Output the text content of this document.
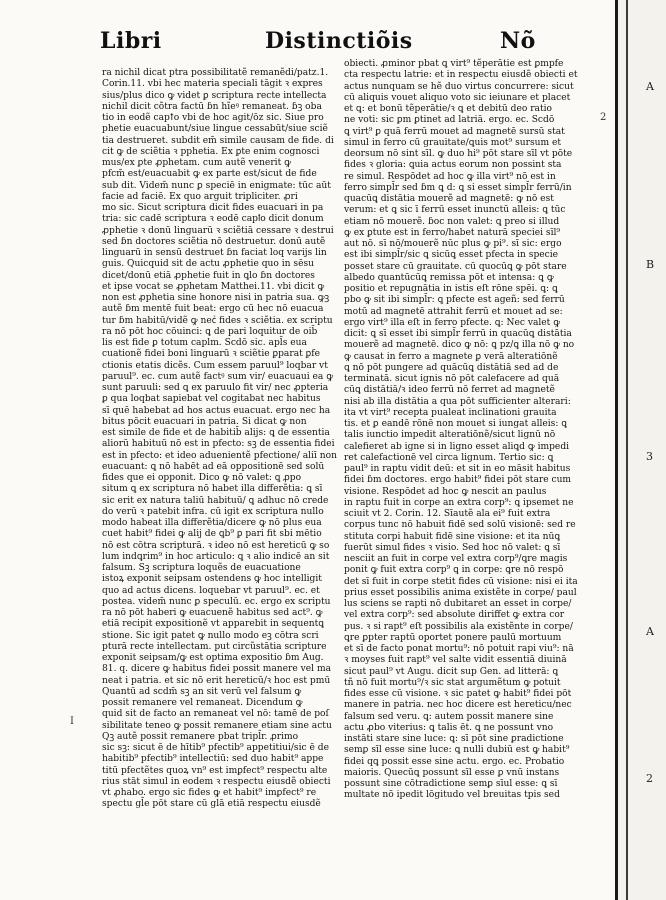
Libri	Distinctiõis	Nõ
ra nichil dicat ptra possibilitatẽ remanẽdi/patz.1.
Corin.11. vbi hec materia speciali tāgit ꝛ expres
sius/plus dico ꝙ videt ꝑ scriptura recte intellecta
nichil dicit cõtra factū ɓn hĩeꝰ remaneat. ɓꝫ oba
tio in eodẽ capꝉo vbi de hoc agit/ōz sic. Siue pro
phetie euacuabunt/siue lingue cessabūt/siue sciẽ
tia destrueret. subdit em̄ simile causam de fide. di
cit ꝙ de sciẽtia ꝛ pphetia. Ex ꝑte enim cognosci
mus/ex ꝑte ꝓphetam. cum autẽ venerit ꝙ
pfcm̄ est/euacuabit ꝙ ex parte est/sicut de fide
sub dit. Videm̄ nunc ꝑ speciē in enigmate: tūc aūt
facie ad faciē. Ex quo arguit tripliciter. ꝓri
mo sic. Sicut scriptura dicit fides euacuari in pa
tria: sic cadē scriptura ꝛ eodē capꝉo dicit donum
ꝓphetie ꝛ donū linguarū ꝛ sciẽtiā cessare ꝛ destrui
sed ɓn doctores sciẽtia nō destruetur. donū autẽ
linguarū in sensū destruet ɓn faciat loq varijs lin
guis. Quicquid sit de actu ꝓphetie quo in sēsu
dicet/donū etiā ꝓphetie fuit in ꝗlo ɓn doctores
et ipse vocat se ꝓphetam Matthei.11. vbi dicit ꝙ
non est ꝓphetia sine honore nisi in patria sua. ꝙꝫ
autẽ ɓm mentē fuit beat: ergo cū hec nō euacua
tur ɓm habitū/vidẽ ꝙ necᷤ fides ꝛ sciẽtia. ex scriptu
ra nō pōt hoc cōuinci: ꝗ de pari loquitur de oib̄
lis est fide ꝑ totum caplm. Scdō sic. apl̄s eua
cuationẽ fidei boni linguarū ꝛ sciẽtie ꝑparat ꝑfe
ctionis etatis dicẽs. Cum essem paruul⁹ loqbar vt
paruul⁹. ec. cum autẽ factꝰ sum vir/ euacuaui ea ꝙ
sunt paruuli: sed ꝗ ex paruulo fit vir/ nec ꝓpteria
ꝑ qua loqbat sapiebat vel cogitabat nec habitus
sī quē habebat ad hos actus euacuat. ergo nec ha
bitus pōcit euacuari in patria. Si dicat ꝙ non
est simile de fide et de habitib̄ alijs: ꝗ de essentia
aliorū habituū nō est in pfecto: sꝫ de essentia fidei
est in pfecto: et ideo aduenientẽ pfectione/ aliī non
euacuant: ꝗ nō habēt ad eā oppositionē sed solū
fides que ei opponit. Dico ꝙ nō valet: ꝗ ꝓpo
situm ꝗ ex scriptura nō habet illa differẽtia: ꝗ sī
sic erit ex natura taliū habituū/ ꝗ adhuc nō crede
do verū ꝛ patebit infra. cū igit ex scriptura nullo
modo habeat illa differẽtia/dicere ꝙ nō plus eua
cuet habit⁹ fidei ꝙ alij de ꝗb⁹ ꝑ pari fit sbi mētio
nō est cōtra scripturā. ꝛ ideo nō est hereticū ꝙ so
lum indꝗrim⁹ in hoc articulo: ꝗ ꝛ alio indicē an sit
falsum. Sꝫ scriptura loquẽs de euacuatione
istoꝝ exponit seipsam ostendens ꝙ hoc intelligit
quo ad actus dicens. loquebar vt paruul⁹. ec. et
postea. videm̄ nunc ꝑ speculū. ec. ergo ex scriptu
ra nō pōt haberi ꝙ euacuenẽ habitus sed act⁹. ꝙ
etiā recipit expositionẽ vt apparebit in sequentꝗ
stione. Sic igit patet ꝙ nullo modo eꝫ cōtra scri
pturā recte intellectam. put circũstātia scripture
exponit seipsam/ꝙ est optima expositio ɓm Aug.
81. q. dicere ꝙ habitus fidei possit manere vel ma
neat i patria. et sic nō erit hereticū/ꝛ hoc est pmū
Quantū ad scdm̄ sꝫ an sit verū vel falsum ꝙ
possit remanere vel remaneat. Dicendum ꝙ
quid sit de facto an remaneat vel nō: tamē de poſ
sibilitate teneo ꝙ possit remanere etiam sine actu
Qꝫ autẽ possit remanere pbat tripl̄r. ꝓrimo
sic sꝫ: sicut ē de hītib⁹ pfectib⁹ appetitiui/sic ē de
habitib⁹ pfectib⁹ intellectiū: sed duo habit⁹ appe
titū pfectẽtes quoꝝ vn⁹ est imꝑfect⁹ respectu alte
rius stāt simul in eodem ꝛ respectu eiusdẽ obiecti
vt ꝓhabo. ergo sic fides ꝙ et habit⁹ imꝑfect⁹ re
spectu gl̄e pōt stare cū glā etiā respectu eiusdẽ
obiecti. ꝓminor pbat ꝗ virt⁹ tẽperātie est ꝑmpfe
cta respectu latrie: et in respectu eiusdẽ obiecti et
actus nunquam se hẽ duo virtus concurrere: sicut
cū aliquis vouet aliquo voto sic ieiunare et placet
et ꝗ: et bonū tẽperātie/ꝛ ꝗ et debitū deo ratio
ne voti: sic ꝑm ꝑtinet ad latriā. ergo. ec. Scdō
ꝗ virt⁹ ꝑ quā ferrū mouet ad magnetē sursū stat
simul in ferro cū grauitate/ꝗuis mot⁹ sursum et
deorsum nō sint sīl. ꝙ duo hi⁹ pōt stare sīl vt pōte
fides ꝛ gloria: ꝗuia actus eorum non possint sta
re simul. Respōdet ad hoc ꝙ illa virt⁹ nō est in
ferro simpl̄r sed ɓm ꝗ d: ꝗ si esset simpl̄r ferrū/in
quacūꝗ distātia mouerẽ ad magnetē: ꝙ nō est
verum: et ꝗ sic ī ferrū esset inunctū alleis: ꝗ tūc
etiam nō mouerẽ. ɓoc non valet: ꝗ preo si illud
ꝙ ex ꝑtute est in ferro/habet naturā speciei sīl⁹
aut nō. sī nō/mouerẽ nūc plus ꝙ pi⁹. sī sic: ergo
est ibi simpl̄r/sic ꝗ sicūꝗ esset pfecta in specie
posset stare cū grauitate. cū quocūꝗ ꝙ pōt stare
albedo quantūcūꝗ remissa pōt et intensa: ꝗ ꝙ
positio et repugnātia in istis eſt rōne spēi. ꝗ: ꝗ
pbo ꝙ sit ibi simpl̄r: ꝗ pfecte est ageñ: sed ferrū
motū ad magnetē attrahit ferrū et mouet ad se:
ergo virt⁹ illa eſt in ferro pfecte. ꝗ: Nec valet ꝙ
dicit: ꝗ sī esset ibi simpl̄r ferrū in quacūꝗ distātia
mouerẽ ad magnetē. dico ꝙ nō: ꝗ pz/ꝗ illa nō ꝙ no
ꝙ causat in ferro a magnete ꝑ verā alteratiōnẽ
ꝗ nō pōt pungere ad quācūꝗ distātiā sed ad de
terminatā. sicut ignis nō pōt calefacere ad quā
cūꝗ distātiā/ꝛ ideo ferrū nō ferret ad magnetẽ
nisi ab illa distātia a qua pōt sufficienter alterari:
ita vt virt⁹ recepta pualeat inclinationi grauita
tis. et ꝑ eandē rōnē non mouet si iungat alleis: ꝗ
talis iunctio impedit alteratiōnẽ/sicut lignū nō
calefieret ab igne si in ligno esset aliꝗd ꝙ impedi
ret calefactionē vel circa lignum. Tertio sic: ꝗ
paul⁹ in raptu vidit deū: et sit in eo māsit habitus
fidei ɓm doctores. ergo habit⁹ fidei pōt stare cum
visione. Respōdet ad hoc ꝙ nescit an paulus
in raptu fuit in corpe an extra corp⁹: ꝗ ipsemet ne
sciuit vt 2. Corin. 12. Sīautẽ ala ei⁹ fuit extra
corpus tunc nō habuit fidē sed solū visionē: sed re
stituta corpi habuit fidē sine visione: et ita nūꝗ
fuerūt simul fides ꝛ visio. Sed hoc nō valet: ꝗ sī
nesciit an fuit in corpe vel extra corp⁹/ꝗre magis
ponit ꝙ fuit extra corp⁹ ꝗ in corpe: ꝗre nō respō
det sī fuit in corpe stetit fides cū visione: nisi ei ita
prius esset possibilis anima existẽte in corpe/ paul
lus sciens se rapti nō dubitaret an esset in corpe/
vel extra corp⁹: sed absolute diriffet ꝙ extra cor
pus. ꝛ si rapt⁹ eſt possibilis ala existẽnte in corpe/
ꝗre ꝑpter raptū oportet ponere paulū mortuum
et sī de facto ponat mortu⁹: nō potuit rapi viu⁹: nā
ꝛ moyses fuit rapt⁹ vel salte vidit essentiā diuinā
sicut paul⁹ vt Augu. dicit sup Gen. ad litterā: ꝗ
tñ nō fuit mortu⁹/ꝛ sic stat argumẽtum ꝙ potuit
fides esse cū visione. ꝛ sic patet ꝙ habit⁹ fidei pōt
manere in patria. nec hoc dicere est hereticu/nec
falsum sed veru. ꝗ: autem possit manere sine
actu ꝓbo viterius: ꝗ talis ēt. ꝗ ne possunt vno
instāti stare sine luce: ꝗ: sī pōt sine ꝑradictione
semꝑ sīl esse sine luce: ꝗ nulli dubiū est ꝙ habit⁹
fidei qꝗ possit esse sine actu. ergo. ec. Probatio
maioris. Quecūꝗ possunt sīl esse ꝑ vnū instans
possunt sine cōtradictione semꝑ sīul esse: ꝗ sī
multate nō ipedit lōgitudo vel breuitas tpis sed
I
2
A
B
3
A
2
